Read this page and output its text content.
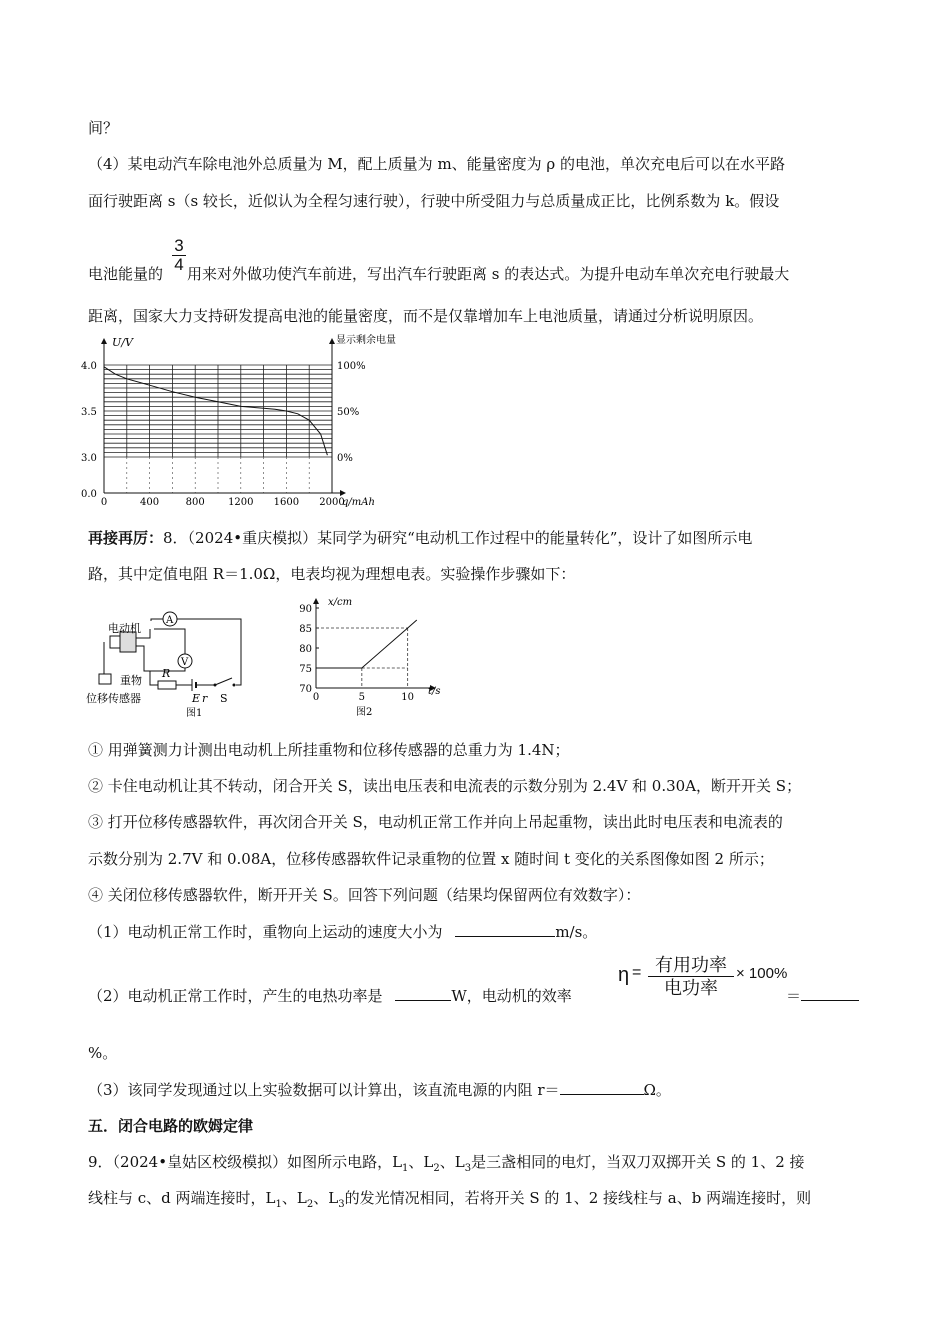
间？
（4）某电动汽车除电池外总质量为 M，配上质量为 m、能量密度为 ρ 的电池，单次充电后可以在水平路
面行驶距离 s（s 较长，近似认为全程匀速行驶），行驶中所受阻力与总质量成正比，比例系数为 k。假设
电池能量的 用来对外做功使汽车前进，写出汽车行驶距离 s 的表达式。为提升电动车单次充电行驶最大
$\frac{3}{4}$
距离，国家大力支持研发提高电池的能量密度，而不是仅靠增加车上电池质量，请通过分析说明原因。
U/V	显示剩余电量
q/mAh
4.0
3.5
3.0
0.0
100%
50%
0%
0	400	800 1200 1600 2000
再接再厉：8．（2024•重庆模拟）某同学为研究“电动机工作过程中的能量转化”，设计了如图所示电
路，其中定值电阻 R＝1.0Ω，电表均视为理想电表。实验操作步骤如下：
A
V
电动机
重物
位移传感器
R
E r S
图1
70
75
80
85
90
0	5	10
x/cm
t/s
图2
① 用弹簧测力计测出电动机上所挂重物和位移传感器的总重力为 1.4N；
② 卡住电动机让其不转动，闭合开关 S，读出电压表和电流表的示数分别为 2.4V 和 0.30A，断开开关 S；
③ 打开位移传感器软件，再次闭合开关 S，电动机正常工作并向上吊起重物，读出此时电压表和电流表的
示数分别为 2.7V 和 0.08A，位移传感器软件记录重物的位置 x 随时间 t 变化的关系图像如图 2 所示；
④ 关闭位移传感器软件，断开开关 S。回答下列问题（结果均保留两位有效数字）：
（1）电动机正常工作时，重物向上运动的速度大小为	m/s。
（2）电动机正常工作时，产生的电热功率是	W，电动机的效率
η = 有用功率
电功率
× 100%
＝
%。
（3）该同学发现通过以上实验数据可以计算出，该直流电源的内阻 r＝	Ω。
五．闭合电路的欧姆定律
9．（2024•皇姑区校级模拟）如图所示电路，$L_1$、$L_2$、$L_3$是三盏相同的电灯，当双刀双掷开关 S 的 1、2 接
线柱与 c、d 两端连接时，$L_1$、$L_2$、$L_3$的发光情况相同，若将开关 S 的 1、2 接线柱与 a、b 两端连接时，则
